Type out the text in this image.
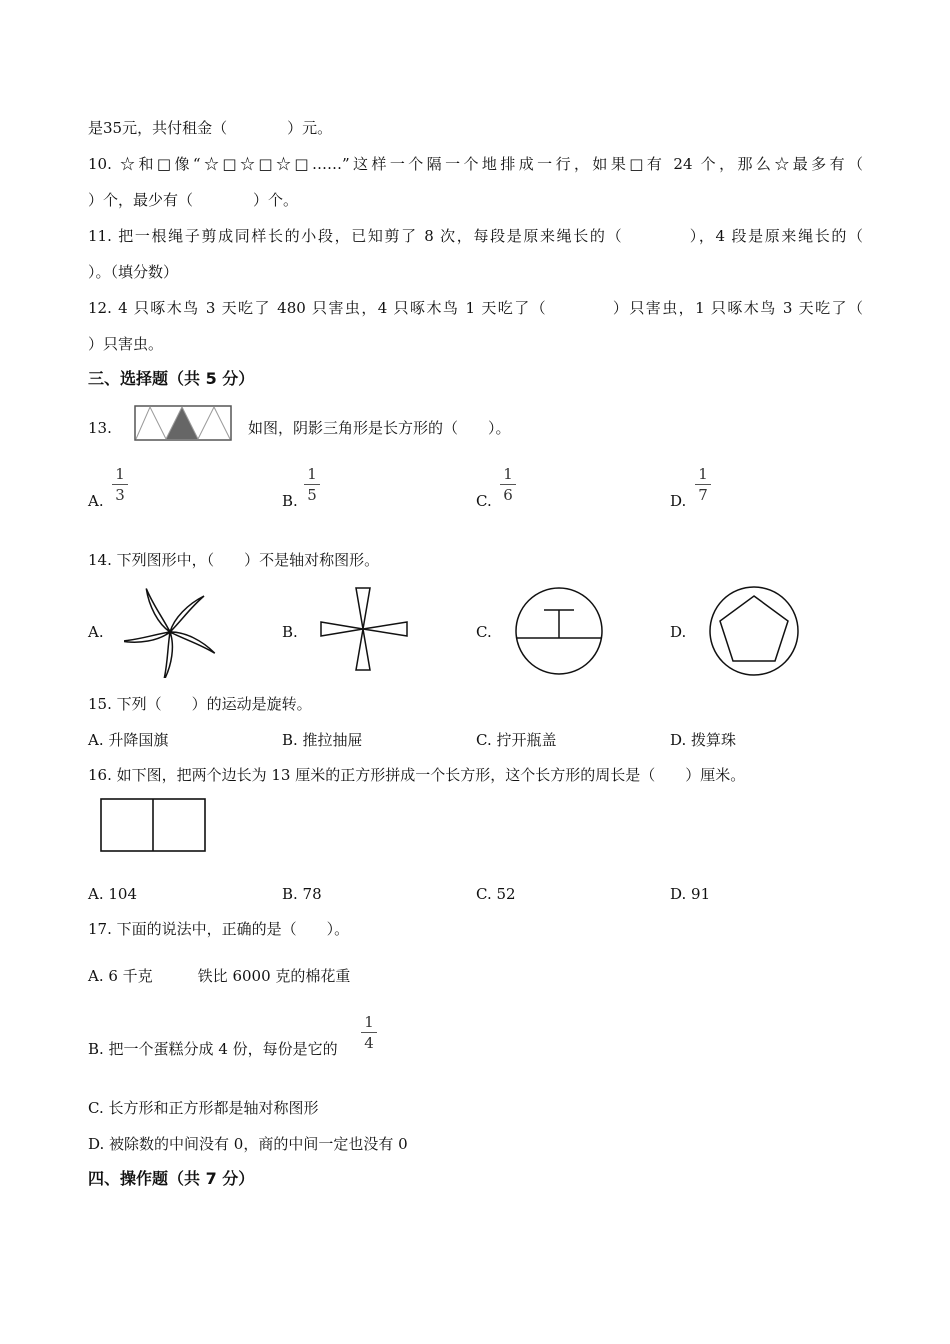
是35元，共付租金（　　　　）元。
10. ☆和□像“☆□☆□☆□……”这样一个隔一个地排成一行，如果□有 24 个，那么☆最多有（
）个，最少有（　　　　）个。
11. 把一根绳子剪成同样长的小段，已知剪了 8 次，每段是原来绳长的（　　　　），4 段是原来绳长的（
）。（填分数）
12. 4 只啄木鸟 3 天吃了 480 只害虫，4 只啄木鸟 1 天吃了（　　　　）只害虫，1 只啄木鸟 3 天吃了（
）只害虫。
三、选择题（共 5 分）
13.	如图，阴影三角形是长方形的（　　）。
A.
1
3	B.
1
5	C.
1
6	D.
1
7
14. 下列图形中，（　　）不是轴对称图形。
A.	B.	C.	D.
15. 下列（　　）的运动是旋转。
A. 升降国旗	B. 推拉抽屉	C. 拧开瓶盖	D. 拨算珠
16. 如下图，把两个边长为 13 厘米的正方形拼成一个长方形，这个长方形的周长是（　　）厘米。
A. 104	B. 78	C. 52	D. 91
17. 下面的说法中，正确的是（　　）。
A. 6 千克　　　铁比 6000 克的棉花重
B. 把一个蛋糕分成 4 份，每份是它的
1
4
C. 长方形和正方形都是轴对称图形
D. 被除数的中间没有 0，商的中间一定也没有 0
四、操作题（共 7 分）
